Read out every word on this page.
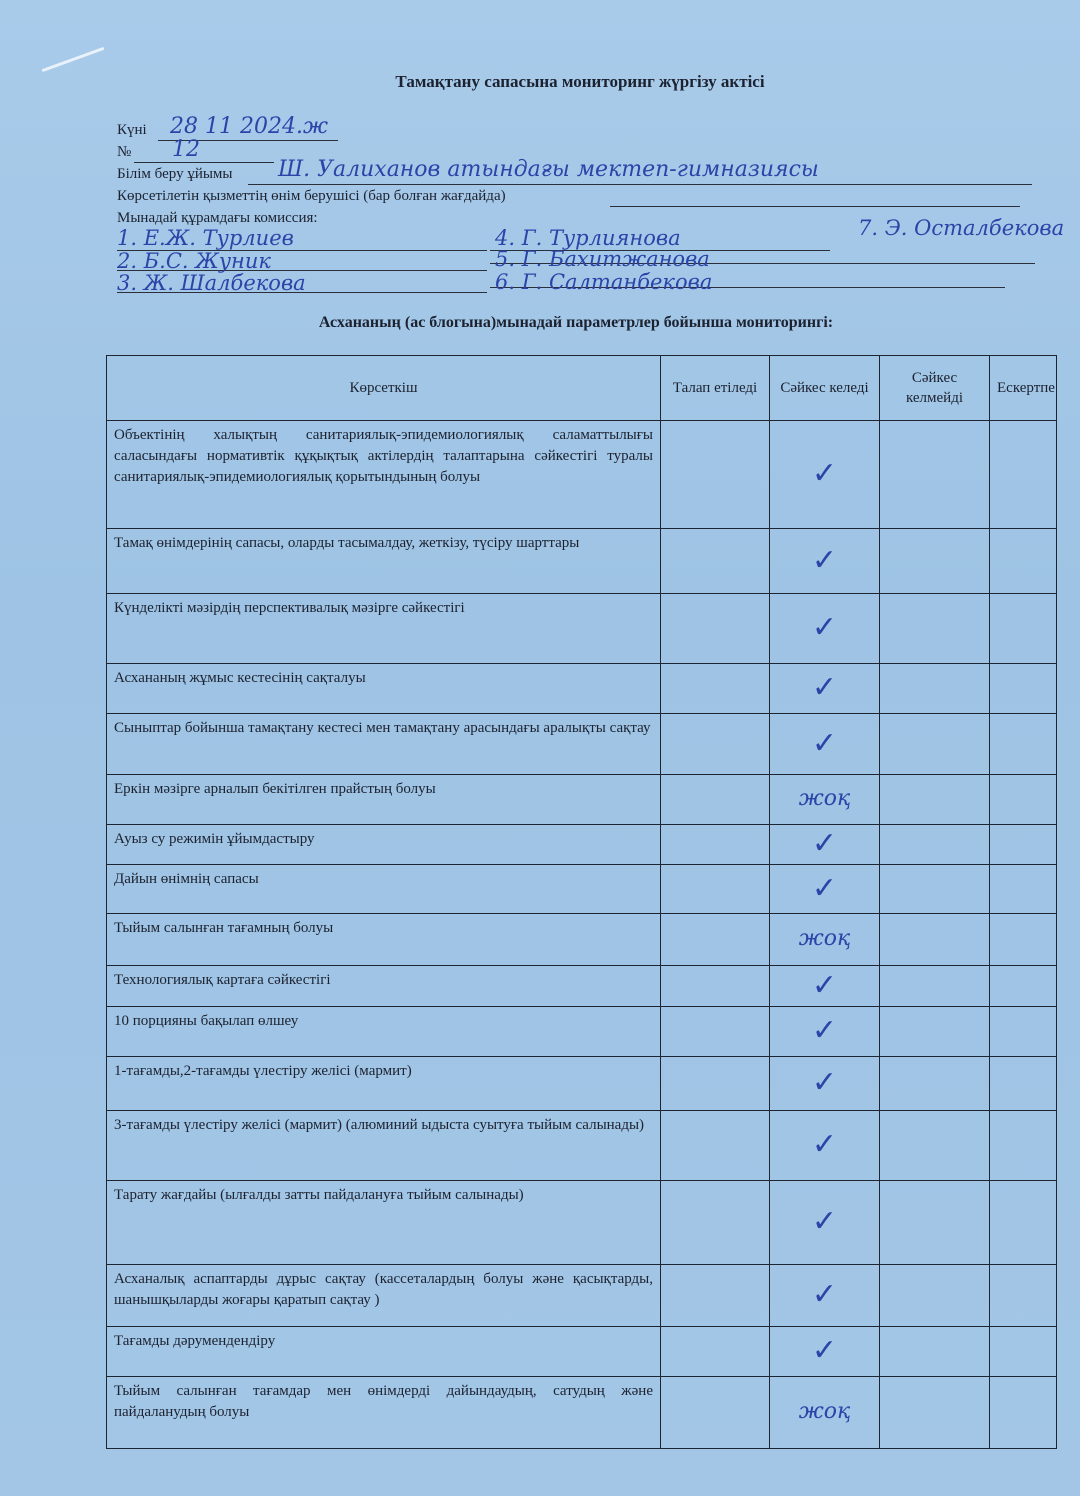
Тамақтану сапасына мониторинг жүргізу актісі
Күні 28 11 2024.ж
№ 12
Білім беру ұйымы Ш. Уалиханов атындағы мектеп-гимназиясы
Көрсетілетін қызметтің өнім берушісі (бар болған жағдайда)
Мынадай құрамдағы комиссия:
1. Е.Ж. Турлиев
2. Б.С. Жуник
3. Ж. Шалбекова
4. Г. Турлиянова
5. Г. Бахитжанова
6. Г. Салтанбекова
7. Э. Осталбекова
Асхананың (ас блогына)мынадай параметрлер бойынша мониторингі:
Көрсеткіш	Талап етіледі	Сәйкес келеді	Сәйкес келмейді	Ескертпе
Объектінің халықтың санитариялық-эпидемиологиялық саламаттылығы саласындағы нормативтік құқықтық актілердің талаптарына сәйкестігі туралы санитариялық-эпидемиологиялық қорытындының болуы		✓		
Тамақ өнімдерінің сапасы, оларды тасымалдау, жеткізу, түсіру шарттары		✓		
Күнделікті мәзірдің перспективалық мәзірге сәйкестігі		✓		
Асхананың жұмыс кестесінің сақталуы		✓		
Сыныптар бойынша тамақтану кестесі мен тамақтану арасындағы аралықты сақтау		✓		
Еркін мәзірге арналып бекітілген прайстың болуы		жоқ		
Ауыз су режимін ұйымдастыру		✓		
Дайын өнімнің сапасы		✓		
Тыйым салынған тағамның болуы		жоқ		
Технологиялық картаға сәйкестігі		✓		
10 порцияны бақылап өлшеу		✓		
1-тағамды,2-тағамды үлестіру желісі (мармит)		✓		
3-тағамды үлестіру желісі (мармит) (алюминий ыдыста суытуға тыйым салынады)		✓		
Тарату жағдайы (ылғалды затты пайдалануға тыйым салынады)		✓		
Асханалық аспаптарды дұрыс сақтау (кассеталардың болуы және қасықтарды, шанышқыларды жоғары қаратып сақтау )		✓		
Тағамды дәрумендендіру		✓		
Тыйым салынған тағамдар мен өнімдерді дайындаудың, сатудың және пайдаланудың болуы		жоқ		
